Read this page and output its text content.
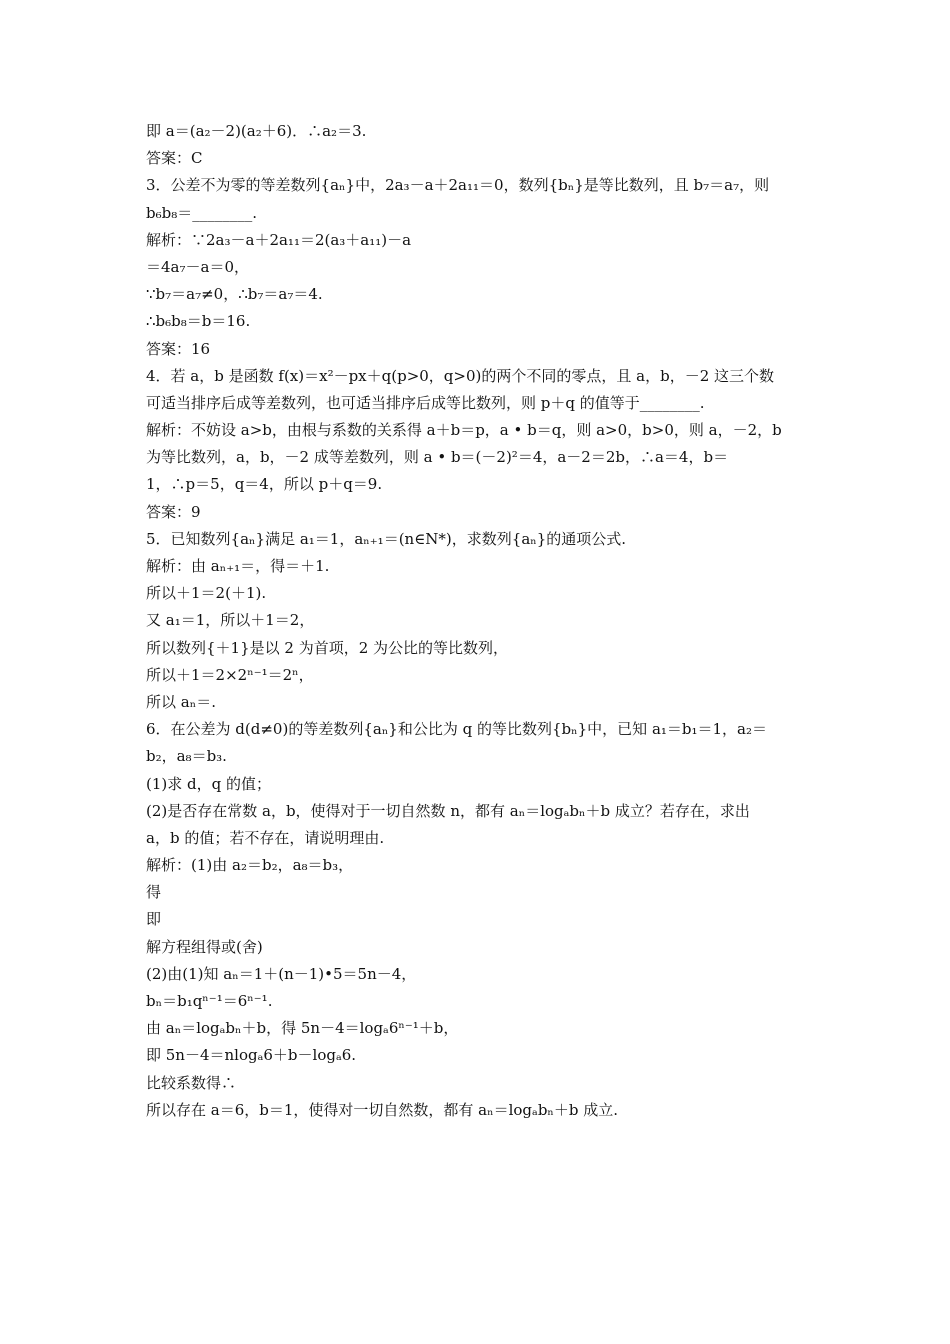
即 a＝(a₂－2)(a₂＋6)．∴a₂＝3.
答案：C
3．公差不为零的等差数列{aₙ}中，2a₃－a＋2a₁₁＝0，数列{bₙ}是等比数列，且 b₇＝a₇，则
b₆b₈＝________.
解析：∵2a₃－a＋2a₁₁＝2(a₃＋a₁₁)－a
＝4a₇－a＝0，
∵b₇＝a₇≠0，∴b₇＝a₇＝4.
∴b₆b₈＝b＝16.
答案：16
4．若 a，b 是函数 f(x)＝x²－px＋q(p>0，q>0)的两个不同的零点，且 a，b，－2 这三个数
可适当排序后成等差数列，也可适当排序后成等比数列，则 p＋q 的值等于________.
解析：不妨设 a>b，由根与系数的关系得 a＋b＝p，a • b＝q，则 a>0，b>0，则 a，－2，b
为等比数列，a，b，－2 成等差数列，则 a • b＝(－2)²＝4，a－2＝2b，∴a＝4，b＝
1，∴p＝5，q＝4，所以 p＋q＝9.
答案：9
5．已知数列{aₙ}满足 a₁＝1，aₙ₊₁＝(n∈N*)，求数列{aₙ}的通项公式.
解析：由 aₙ₊₁＝，得＝＋1.
所以＋1＝2(＋1).
又 a₁＝1，所以＋1＝2，
所以数列{＋1}是以 2 为首项，2 为公比的等比数列，
所以＋1＝2×2ⁿ⁻¹＝2ⁿ，
所以 aₙ＝.
6．在公差为 d(d≠0)的等差数列{aₙ}和公比为 q 的等比数列{bₙ}中，已知 a₁＝b₁＝1，a₂＝
b₂，a₈＝b₃.
(1)求 d，q 的值；
(2)是否存在常数 a，b，使得对于一切自然数 n，都有 aₙ＝logₐbₙ＋b 成立？若存在，求出
a，b 的值；若不存在，请说明理由.
解析：(1)由 a₂＝b₂，a₈＝b₃，
得
即
解方程组得或(舍)
(2)由(1)知 aₙ＝1＋(n－1)•5＝5n－4，
bₙ＝b₁qⁿ⁻¹＝6ⁿ⁻¹.
由 aₙ＝logₐbₙ＋b，得 5n－4＝logₐ6ⁿ⁻¹＋b，
即 5n－4＝nlogₐ6＋b－logₐ6.
比较系数得∴
所以存在 a＝6，b＝1，使得对一切自然数，都有 aₙ＝logₐbₙ＋b 成立.
